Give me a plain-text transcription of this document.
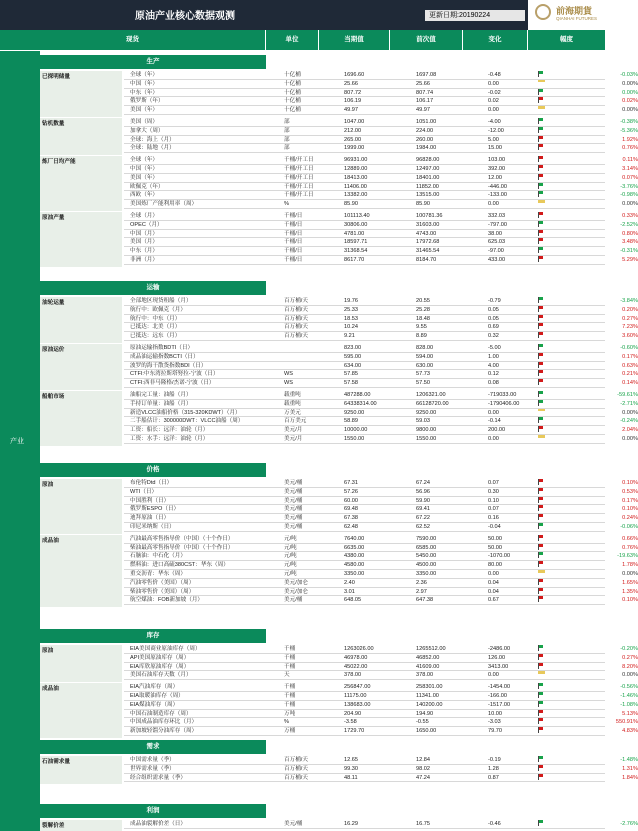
原油产业核心数据观测	更新日期:20190224	前海期貨
QIANHAI FUTURES
现货	单位	当期值	前次值	变化	幅度
产业
生产
已探明储量	全球（年）	十亿桶	1696.60	1697.08	-0.48	-0.03%
中国（年）	十亿桶	25.66	25.66	0.00	0.00%
中东（年）	十亿桶	807.72	807.74	-0.02	0.00%
俄罗斯（年）	十亿桶	106.19	106.17	0.02	0.02%
美国（年）	十亿桶	49.97	49.97	0.00	0.00%
钻机数量	美国（周）	部	1047.00	1051.00	-4.00	-0.38%
加拿大（周）	部	212.00	224.00	-12.00	-5.36%
全球：海上（月）	部	265.00	260.00	5.00	1.92%
全球：陆地（月）	部	1999.00	1984.00	15.00	0.76%
炼厂日均产能	全球（年）	千桶/开工日	96931.00	96828.00	103.00	0.11%
中国（年）	千桶/开工日	12889.00	12497.00	392.00	3.14%
美国（年）	千桶/开工日	18413.00	18401.00	12.00	0.07%
欧佩克（年）	千桶/开工日	11406.00	11852.00	-446.00	-3.76%
西欧（年）	千桶/开工日	13382.00	13515.00	-133.00	-0.98%
美国炼厂产能利用率（周）	%	85.90	85.90	0.00	0.00%
原油产量	全球（月）	千桶/日	101113.40	100781.36	332.03	0.33%
OPEC（月）	千桶/日	30806.00	31603.00	-797.00	-2.52%
中国（月）	千桶/日	4781.00	4743.00	38.00	0.80%
美国（月）	千桶/日	18597.71	17972.68	625.03	3.48%
中东（月）	千桶/日	31368.54	31465.54	-97.00	-0.31%
非洲（月）	千桶/日	8617.70	8184.70	433.00	5.29%
运输
油轮运量	全部地区现货租船（月）	百万桶/天	19.76	20.55	-0.79	-3.84%
航行中：欧佩克（月）	百万桶/天	25.33	25.28	0.05	0.20%
航行中：中东（月）	百万桶/天	18.53	18.48	0.05	0.27%
已抵达：北美（月）	百万桶/天	10.24	9.55	0.69	7.23%
已抵达：远东（月）	百万桶/天	9.21	8.89	0.32	3.60%
原油运价	原油运输指数BDTI（日）	823.00	828.00	-5.00	-0.60%
成品油运输指数BCTI（日）	595.00	594.00	1.00	0.17%
波罗的海干散货指数BDI（日）	634.00	630.00	4.00	0.63%
CTFI:中东湾拉斯塔努拉-宁波（日）	WS	57.85	57.73	0.12	0.21%
CTFI:西非马隆格/杰诺-宁波（日）	WS	57.58	57.50	0.08	0.14%
船舶市场	油船完工量：油船（月）	载重吨	487288.00	1206321.00	-719033.00	-59.61%
手持订单量：油船（月）	载重吨	64338314.00	66128720.00	-1790406.00	-2.71%
新造VLCC油船价格（315-320KDWT）（月）	万美元	9250.00	9250.00	0.00	0.00%
二手船估计：300000DWT：VLCC油船（周）	百万美元	58.89	59.03	-0.14	-0.24%
工资：船长：远洋：油轮（月）	美元/月	10000.00	9800.00	200.00	2.04%
工资：水手：远洋：油轮（月）	美元/月	1550.00	1550.00	0.00	0.00%
价格
原油	布伦特Dtd（日）	美元/桶	67.31	67.24	0.07	0.10%
WTI（日）	美元/桶	57.26	56.96	0.30	0.53%
中国胜利（日）	美元/桶	60.00	59.90	0.10	0.17%
俄罗斯ESPO（日）	美元/桶	69.48	69.41	0.07	0.10%
迪拜原油（日）	美元/桶	67.38	67.22	0.16	0.24%
印尼米纳斯（日）	美元/桶	62.48	62.52	-0.04	-0.06%
成品油	汽油最高零售指导价（中国）（十个作日）	元/吨	7640.00	7590.00	50.00	0.66%
柴油最高零售指导价（中国）（十个作日）	元/吨	6635.00	6585.00	50.00	0.76%
石脑油：中石化（月）	元/吨	4380.00	5450.00	-1070.00	-19.63%
燃料油：进口高硫380CST：华东（周）	元/吨	4580.00	4500.00	80.00	1.78%
重交沥青：华东（周）	元/吨	3350.00	3350.00	0.00	0.00%
汽油零售价（美国）（周）	美元/加仑	2.40	2.36	0.04	1.65%
柴油零售价（美国）（周）	美元/加仑	3.01	2.97	0.04	1.35%
航空煤油：FOB新加坡（月）	美元/桶	648.05	647.38	0.67	0.10%
库存
原油	EIA美国商业原油库存（周）	千桶	1263026.00	1265512.00	-2486.00	-0.20%
API美国原油库存（周）	千桶	46978.00	46852.00	126.00	0.27%
EIA库欣原油库存（周）	千桶	45022.00	41609.00	3413.00	8.20%
美国石油库存天数（月）	天	378.00	378.00	0.00	0.00%
成品油	EIA汽油库存（周）	千桶	256847.00	258301.00	-1454.00	-0.56%
EIA取暖油库存（周）	千桶	11175.00	11341.00	-166.00	-1.46%
EIA煤油库存（周）	千桶	138683.00	140200.00	-1517.00	-1.08%
中国石油制造库存（周）	万吨	204.90	194.90	10.00	5.13%
中国成品油库存环比（月）	%	-3.58	-0.55	-3.03	550.91%
新加坡轻馏分油库存（周）	万桶	1729.70	1650.00	79.70	4.83%
需求
石油需求量	中国需求量（季）	百万桶/天	12.65	12.84	-0.19	-1.48%
世界需求量（季）	百万桶/天	99.30	98.02	1.28	1.31%
经合组织需求量（季）	百万桶/天	48.11	47.24	0.87	1.84%
利润
裂解价差	成品油裂解价差（日）	美元/桶	16.29	16.75	-0.46	-2.76%
